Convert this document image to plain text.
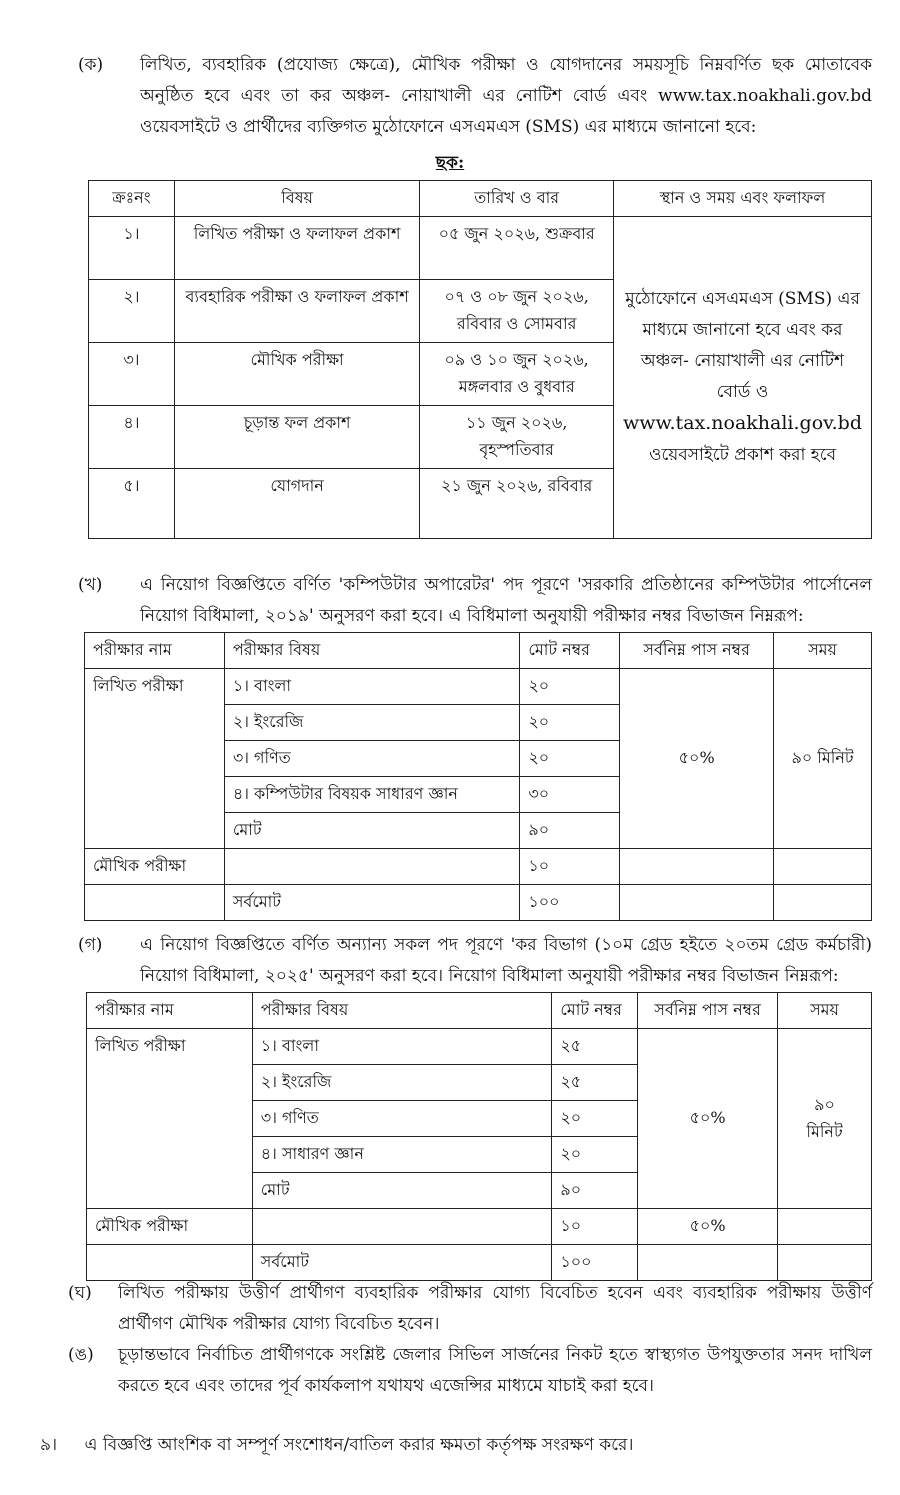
(ক)	লিখিত, ব্যবহারিক (প্রযোজ্য ক্ষেত্রে), মৌখিক পরীক্ষা ও যোগদানের সময়সূচি নিম্নবর্ণিত ছক মোতাবেক অনুষ্ঠিত হবে এবং তা কর অঞ্চল- নোয়াখালী এর নোটিশ বোর্ড এবং www.tax.noakhali.gov.bd ওয়েবসাইটে ও প্রার্থীদের ব্যক্তিগত মুঠোফোনে এসএমএস (SMS) এর মাধ্যমে জানানো হবে:
ছক:
ক্রঃনং	বিষয়	তারিখ ও বার	স্থান ও সময় এবং ফলাফল
১।	লিখিত পরীক্ষা ও ফলাফল প্রকাশ	০৫ জুন ২০২৬, শুক্রবার	মুঠোফোনে এসএমএস (SMS) এর মাধ্যমে জানানো হবে এবং কর অঞ্চল- নোয়াখালী এর নোটিশ বোর্ড ও
www.tax.noakhali.gov.bd
ওয়েবসাইটে প্রকাশ করা হবে
২।	ব্যবহারিক পরীক্ষা ও ফলাফল প্রকাশ	০৭ ও ০৮ জুন ২০২৬, রবিবার ও সোমবার	
৩।	মৌখিক পরীক্ষা	০৯ ও ১০ জুন ২০২৬, মঙ্গলবার ও বুধবার	
৪।	চূড়ান্ত ফল প্রকাশ	১১ জুন ২০২৬, বৃহস্পতিবার	
৫।	যোগদান	২১ জুন ২০২৬, রবিবার	
(খ)	এ নিয়োগ বিজ্ঞপ্তিতে বর্ণিত 'কম্পিউটার অপারেটর' পদ পূরণে 'সরকারি প্রতিষ্ঠানের কম্পিউটার পার্সোনেল নিয়োগ বিধিমালা, ২০১৯' অনুসরণ করা হবে। এ বিধিমালা অনুযায়ী পরীক্ষার নম্বর বিভাজন নিম্নরূপ:
পরীক্ষার নাম	পরীক্ষার বিষয়	মোট নম্বর	সর্বনিম্ন পাস নম্বর	সময়
লিখিত পরীক্ষা	১। বাংলা	২০	৫০%	৯০ মিনিট
	২। ইংরেজি	২০		
	৩। গণিত	২০		
	৪। কম্পিউটার বিষয়ক সাধারণ জ্ঞান	৩০		
	মোট	৯০		
মৌখিক পরীক্ষা		১০		
	সর্বমোট	১০০		
(গ)	এ নিয়োগ বিজ্ঞপ্তিতে বর্ণিত অন্যান্য সকল পদ পূরণে 'কর বিভাগ (১০ম গ্রেড হইতে ২০তম গ্রেড কর্মচারী) নিয়োগ বিধিমালা, ২০২৫' অনুসরণ করা হবে। নিয়োগ বিধিমালা অনুযায়ী পরীক্ষার নম্বর বিভাজন নিম্নরূপ:
পরীক্ষার নাম	পরীক্ষার বিষয়	মোট নম্বর	সর্বনিম্ন পাস নম্বর	সময়
লিখিত পরীক্ষা	১। বাংলা	২৫	৫০%	৯০
মিনিট
	২। ইংরেজি	২৫		
	৩। গণিত	২০		
	৪। সাধারণ জ্ঞান	২০		
	মোট	৯০		
মৌখিক পরীক্ষা		১০	৫০%	
	সর্বমোট	১০০		
(ঘ)	লিখিত পরীক্ষায় উত্তীর্ণ প্রার্থীগণ ব্যবহারিক পরীক্ষার যোগ্য বিবেচিত হবেন এবং ব্যবহারিক পরীক্ষায় উত্তীর্ণ প্রার্থীগণ মৌখিক পরীক্ষার যোগ্য বিবেচিত হবেন।
(ঙ)	চূড়ান্তভাবে নির্বাচিত প্রার্থীগণকে সংশ্লিষ্ট জেলার সিভিল সার্জনের নিকট হতে স্বাস্থ্যগত উপযুক্ততার সনদ দাখিল করতে হবে এবং তাদের পূর্ব কার্যকলাপ যথাযথ এজেন্সির মাধ্যমে যাচাই করা হবে।
৯। এ বিজ্ঞপ্তি আংশিক বা সম্পূর্ণ সংশোধন/বাতিল করার ক্ষমতা কর্তৃপক্ষ সংরক্ষণ করে।
